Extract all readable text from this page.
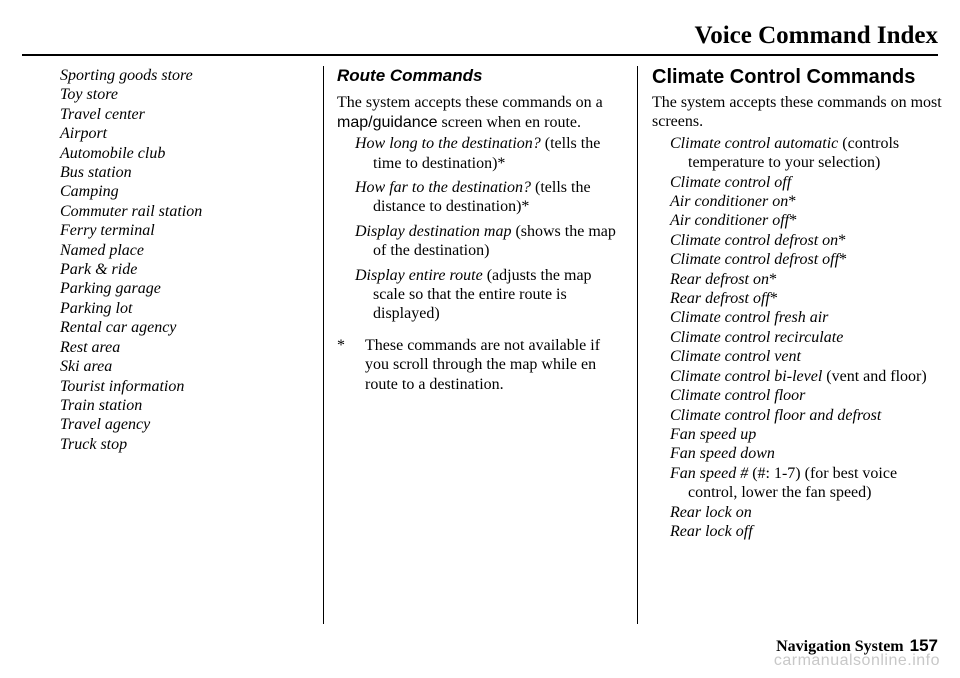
Voice Command Index
Sporting goods store
Toy store
Travel center
Airport
Automobile club
Bus station
Camping
Commuter rail station
Ferry terminal
Named place
Park & ride
Parking garage
Parking lot
Rental car agency
Rest area
Ski area
Tourist information
Train station
Travel agency
Truck stop
Route Commands
The system accepts these commands on a map/guidance screen when en route.
How long to the destination? (tells the time to destination)*
How far to the destination? (tells the distance to destination)*
Display destination map (shows the map of the destination)
Display entire route (adjusts the map scale so that the entire route is displayed)
*	These commands are not available if you scroll through the map while en route to a destination.
Climate Control Commands
The system accepts these commands on most screens.
Climate control automatic (controls temperature to your selection)
Climate control off
Air conditioner on*
Air conditioner off*
Climate control defrost on*
Climate control defrost off*
Rear defrost on*
Rear defrost off*
Climate control fresh air
Climate control recirculate
Climate control vent
Climate control bi-level (vent and floor)
Climate control floor
Climate control floor and defrost
Fan speed up
Fan speed down
Fan speed # (#: 1-7) (for best voice control, lower the fan speed)
Rear lock on
Rear lock off
Navigation System 157
carmanualsonline.info
